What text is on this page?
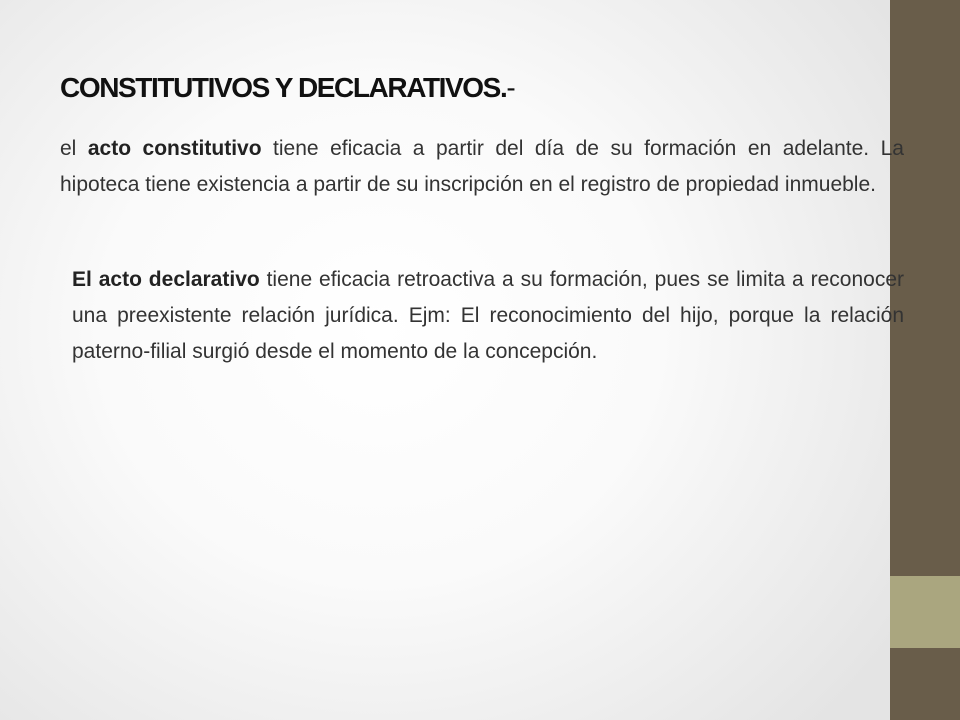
CONSTITUTIVOS Y DECLARATIVOS.-

el acto constitutivo tiene eficacia a partir del día de su formación en adelante. La hipoteca tiene existencia a partir de su inscripción en el registro de propiedad inmueble.

El acto declarativo tiene eficacia retroactiva a su formación, pues se limita a reconocer una preexistente relación jurídica. Ejm: El reconocimiento del hijo, porque la relación paterno-filial surgió desde el momento de la concepción.
